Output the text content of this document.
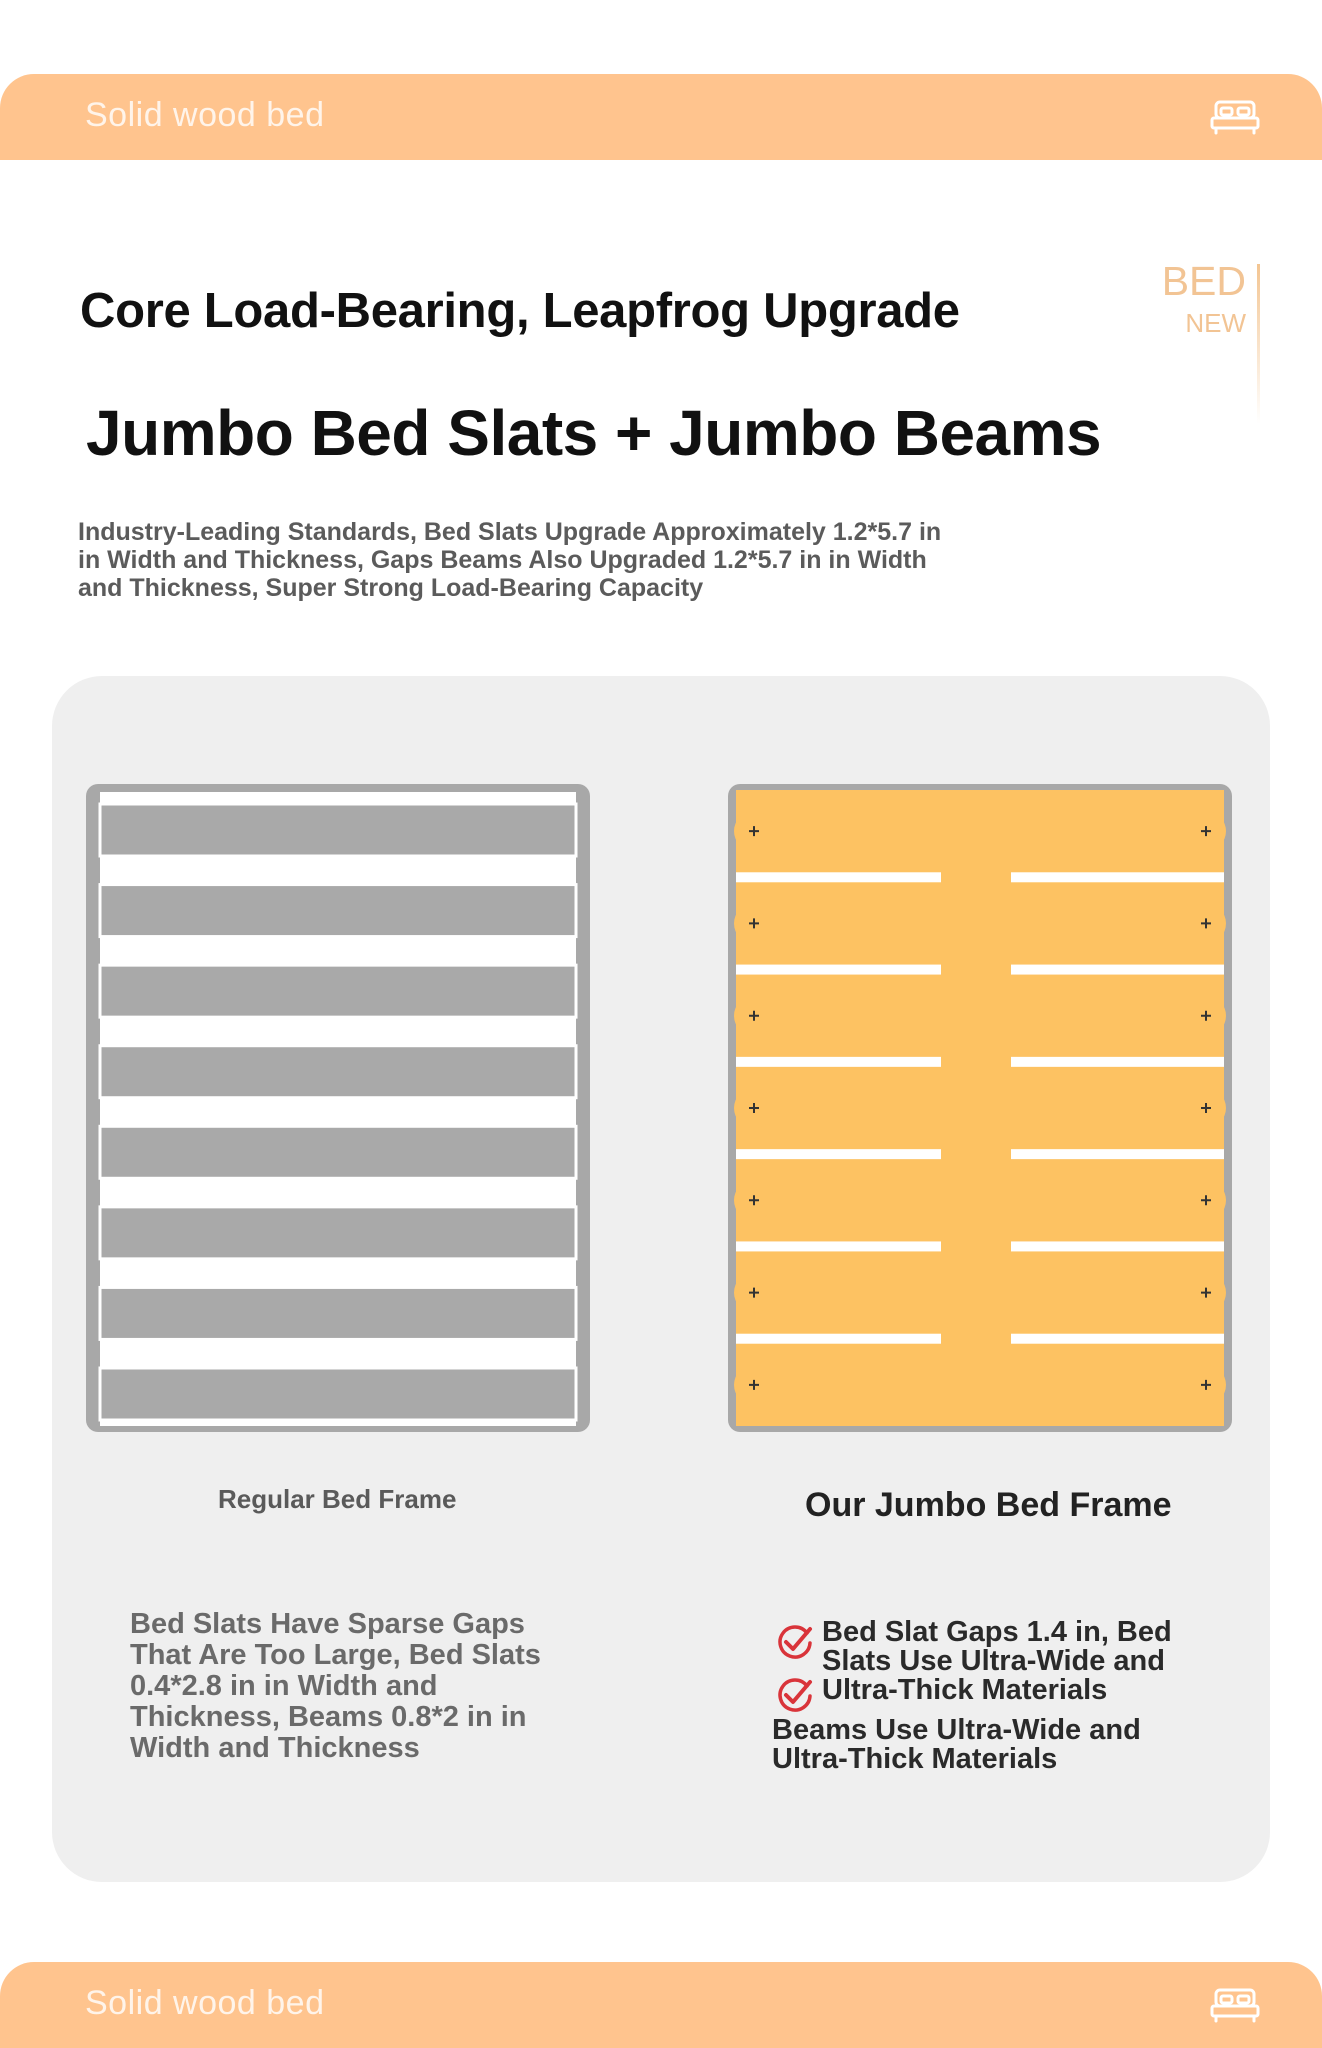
Solid wood bed
BED
NEW
Core Load-Bearing, Leapfrog Upgrade
Jumbo Bed Slats + Jumbo Beams
Industry-Leading Standards, Bed Slats Upgrade Approximately 1.2*5.7 in in Width and Thickness, Gaps Beams Also Upgraded 1.2*5.7 in in Width and Thickness, Super Strong Load-Bearing Capacity
Regular Bed Frame	Our Jumbo Bed Frame
Bed Slats Have Sparse Gaps That Are Too Large, Bed Slats 0.4*2.8 in in Width and Thickness, Beams 0.8*2 in in Width and Thickness
Bed Slat Gaps 1.4 in, Bed Slats Use Ultra-Wide and Ultra-Thick Materials
Beams Use Ultra-Wide and Ultra-Thick Materials
Solid wood bed
